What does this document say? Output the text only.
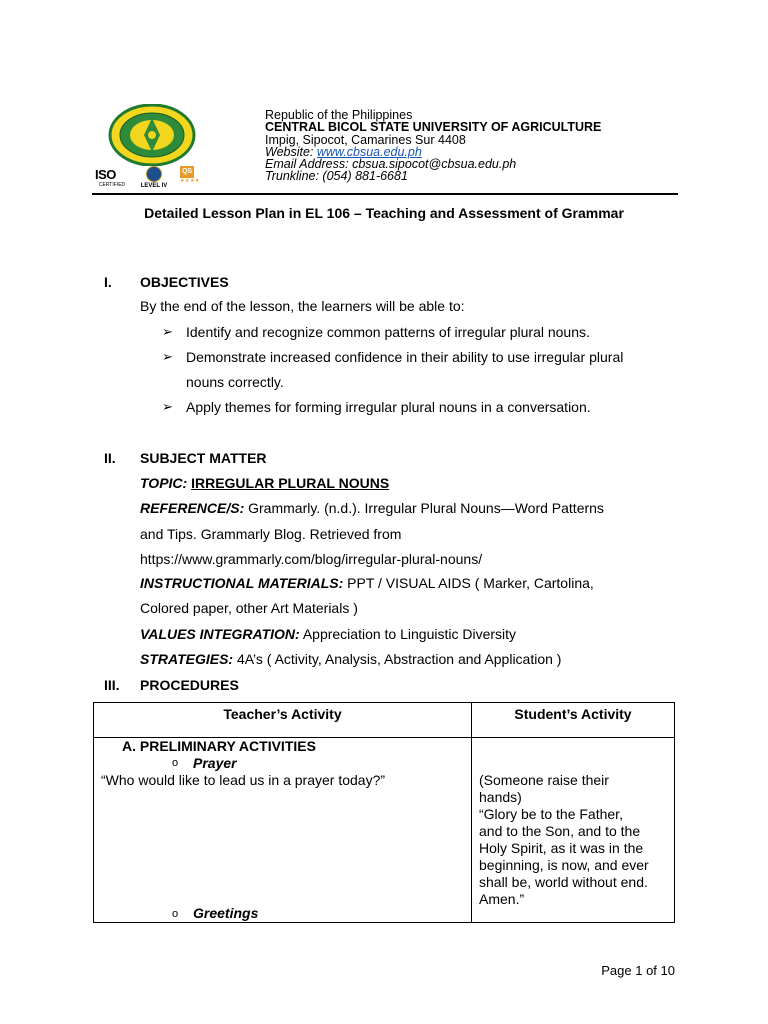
ISO
CERTIFIED	LEVEL IV
QS
★★★★
Republic of the Philippines
CENTRAL BICOL STATE UNIVERSITY OF AGRICULTURE
Impig, Sipocot, Camarines Sur 4408
Website: www.cbsua.edu.ph
Email Address: cbsua.sipocot@cbsua.edu.ph
Trunkline: (054) 881-6681
Detailed Lesson Plan in EL 106 – Teaching and Assessment of Grammar
I. OBJECTIVES
By the end of the lesson, the learners will be able to:
➢ Identify and recognize common patterns of irregular plural nouns.
➢ Demonstrate increased confidence in their ability to use irregular plural
nouns correctly.
➢ Apply themes for forming irregular plural nouns in a conversation.
II. SUBJECT MATTER
TOPIC: IRREGULAR PLURAL NOUNS
REFERENCE/S: Grammarly. (n.d.). Irregular Plural Nouns—Word Patterns
and Tips. Grammarly Blog. Retrieved from
https://www.grammarly.com/blog/irregular-plural-nouns/
INSTRUCTIONAL MATERIALS: PPT / VISUAL AIDS ( Marker, Cartolina,
Colored paper, other Art Materials )
VALUES INTEGRATION: Appreciation to Linguistic Diversity
STRATEGIES: 4A’s ( Activity, Analysis, Abstraction and Application )
III. PROCEDURES
Teacher’s Activity	Student’s Activity
A. PRELIMINARY ACTIVITIES
o Prayer
“Who would like to lead us in a prayer today?”	(Someone raise their
hands)
“Glory be to the Father,
and to the Son, and to the
Holy Spirit, as it was in the
beginning, is now, and ever
shall be, world without end.
Amen.”
o Greetings
Page 1 of 10
